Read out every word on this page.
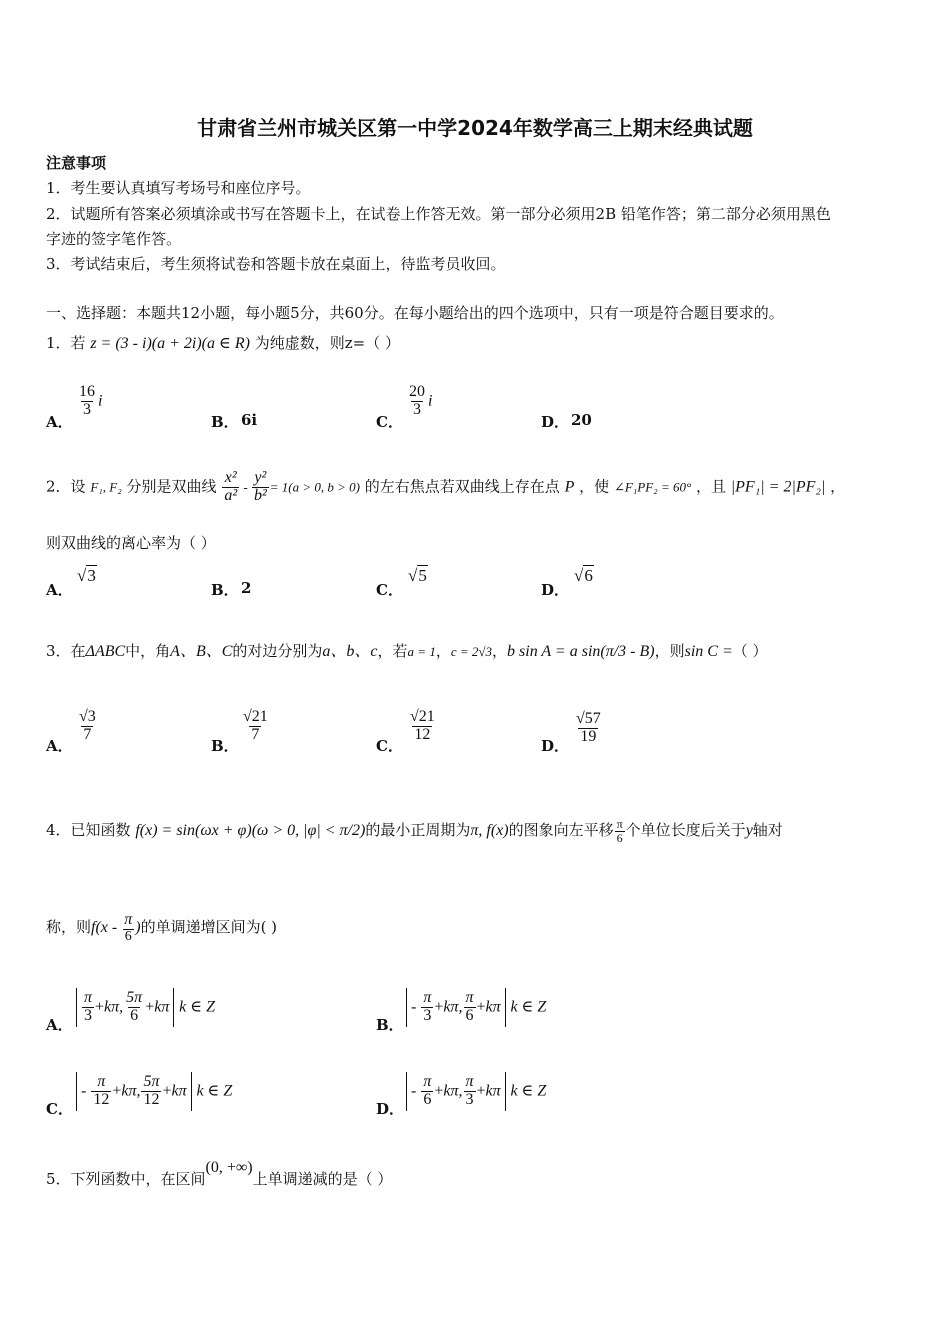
甘肃省兰州市城关区第一中学2024年数学高三上期末经典试题
注意事项
1．考生要认真填写考场号和座位序号。
2．试题所有答案必须填涂或书写在答题卡上，在试卷上作答无效。第一部分必须用2B 铅笔作答；第二部分必须用黑色
字迹的签字笔作答。
3．考试结束后，考生须将试卷和答题卡放在桌面上，待监考员收回。
一、选择题：本题共12小题，每小题5分，共60分。在每小题给出的四个选项中，只有一项是符合题目要求的。
1．若 z = (3 - i)(a + 2i)(a ∈ R) 为纯虚数，则z=（ ）
A．
$\frac{16}{3}$ i
B． 6i	C．
$\frac{20}{3}$ i
D． 20
2．设 F₁, F₂ 分别是双曲线 $\frac{\text{x²}}{\text{a²}} - \frac{\text{y²}}{\text{b²}} = 1(a > 0$, b > 0) 的左右焦点若双曲线上存在点 P ，使 ∠F₁PF₂ = 60° ，且 |PF₁| = 2|PF₂| ，
则双曲线的离心率为（ ）
A．
√3
B． 2	C．
√5
D．
√6
3．在ΔABC中，角A、B、C的对边分别为a、b、c，若a = 1，c = 2√3，b sin A = a sin(π/3 - B)，则sin C =（ ）
A．
$\frac{√3}{7}$
B．
$\frac{√21}{7}$
C．
$\frac{√21}{12}$
D．
$\frac{√57}{19}$
4．已知函数 f(x) = sin(ωx + φ)(ω > 0, |φ| < π/2)的最小正周期为π, f(x)的图象向左平移 $\frac{\pi}{6}$ 个单位长度后关于y轴对
称，则$f(x - \frac{\pi}{6}$ )的单调递增区间为( )
A．
$\frac{\pi}{3} +k\pi$, $\frac{5\pi}{6} +k\pi$ k ∈ Z
B．
- $\frac{\pi}{3} +k\pi$, $\frac{\pi}{6} +k\pi$ k ∈ Z
C．
- $\frac{\pi}{12} +k\pi$, $\frac{5\pi}{12} +k\pi$ k ∈ Z
D．
- $\frac{\pi}{6} +k\pi$, $\frac{\pi}{3} +k\pi$ k ∈ Z
5．下列函数中，在区间(0, +∞)上单调递减的是（ ）
